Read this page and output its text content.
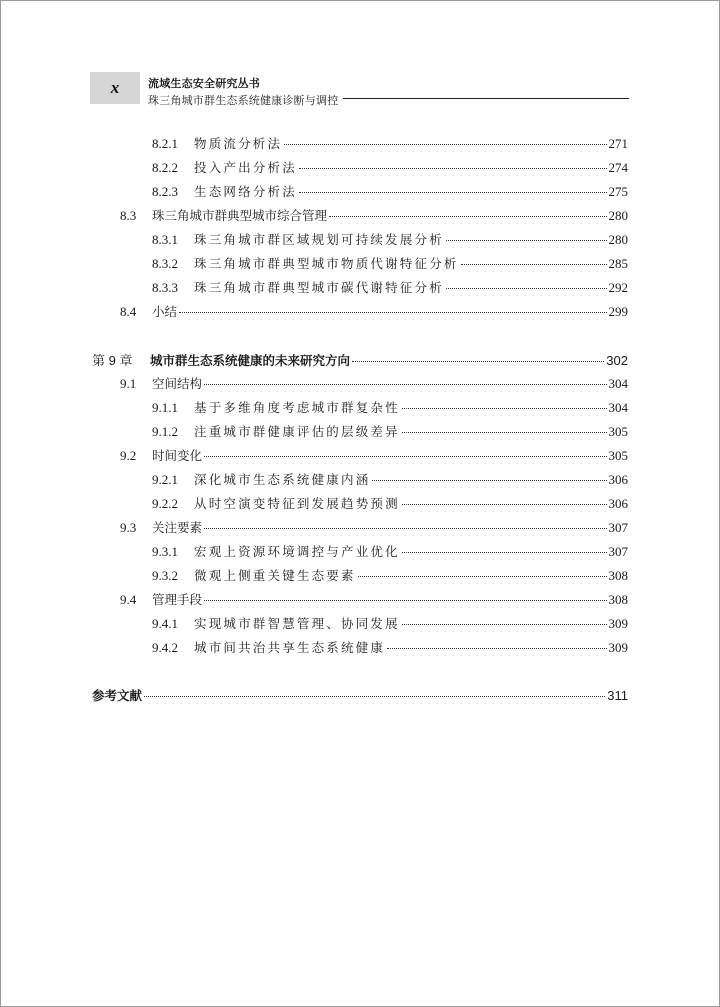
x	流域生态安全研究丛书
珠三角城市群生态系统健康诊断与调控
8.2.1	物质流分析法	271
8.2.2	投入产出分析法	274
8.2.3	生态网络分析法	275
8.3	珠三角城市群典型城市综合管理	280
8.3.1	珠三角城市群区域规划可持续发展分析	280
8.3.2	珠三角城市群典型城市物质代谢特征分析	285
8.3.3	珠三角城市群典型城市碳代谢特征分析	292
8.4	小结	299
第 9 章	城市群生态系统健康的未来研究方向	302
9.1	空间结构	304
9.1.1	基于多维角度考虑城市群复杂性	304
9.1.2	注重城市群健康评估的层级差异	305
9.2	时间变化	305
9.2.1	深化城市生态系统健康内涵	306
9.2.2	从时空演变特征到发展趋势预测	306
9.3	关注要素	307
9.3.1	宏观上资源环境调控与产业优化	307
9.3.2	微观上侧重关键生态要素	308
9.4	管理手段	308
9.4.1	实现城市群智慧管理、协同发展	309
9.4.2	城市间共治共享生态系统健康	309
参考文献	311
